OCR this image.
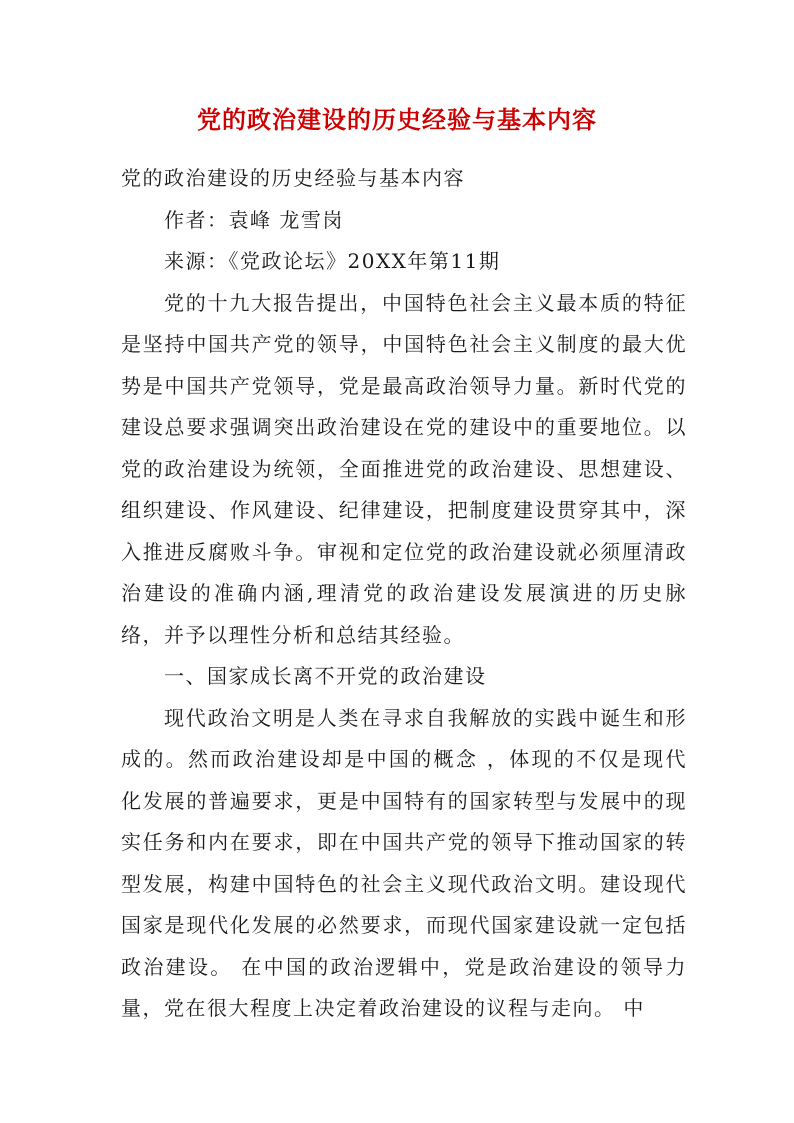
党的政治建设的历史经验与基本内容

党的政治建设的历史经验与基本内容

作者：袁峰 龙雪岗

来源：《党政论坛》20XX年第11期

党的十九大报告提出，中国特色社会主义最本质的特征是坚持中国共产党的领导，中国特色社会主义制度的最大优势是中国共产党领导，党是最高政治领导力量。新时代党的建设总要求强调突出政治建设在党的建设中的重要地位。以党的政治建设为统领，全面推进党的政治建设、思想建设、组织建设、作风建设、纪律建设，把制度建设贯穿其中，深入推进反腐败斗争。审视和定位党的政治建设就必须厘清政治建设的准确内涵,理清党的政治建设发展演进的历史脉络，并予以理性分析和总结其经验。

一、国家成长离不开党的政治建设

现代政治文明是人类在寻求自我解放的实践中诞生和形成的。然而政治建设却是中国的概念 ，体现的不仅是现代化发展的普遍要求，更是中国特有的国家转型与发展中的现实任务和内在要求，即在中国共产党的领导下推动国家的转型发展，构建中国特色的社会主义现代政治文明。建设现代国家是现代化发展的必然要求，而现代国家建设就一定包括政治建设。 在中国的政治逻辑中，党是政治建设的领导力量，党在很大程度上决定着政治建设的议程与走向。 中
